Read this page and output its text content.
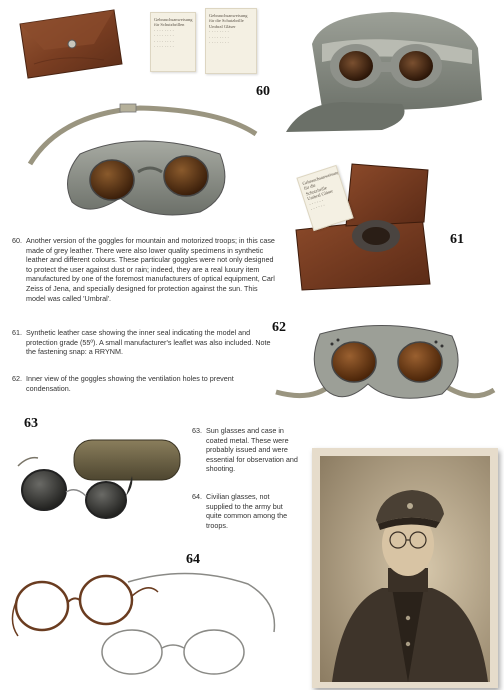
Gebrauchsanweisung
für Schutzbrillen
· · · · · · · ·
· · · · · · · ·
· · · · · · · ·
· · · · · · · ·
Gebrauchsanweisung
für die Schutzbrille
Umbral Gläser
· · · · · · · ·
· · · · · · · ·
· · · · · · · ·
60
Gebrauchsanweisung
für die Schutzbrille
Umbral Gläser
· · · · · ·
· · · · · ·
61
60. Another version of the goggles for mountain and motorized troops; in this case made of grey leather. There were also lower quality specimens in synthetic leather and different colours. These particular goggles were not only designed to protect the user against dust or rain; indeed, they are a real luxury item manufactured by one of the foremost manufacturers of optical equipment, Carl Zeiss of Jena, and specially designed for protection against the sun. This model was called 'Umbral'.
61. Synthetic leather case showing the inner seal indicating the model and protection grade (55º). A small manufacturer's leaflet was also included. Note the fastening snap: a RRYNM.
62
62. Inner view of the goggles showing the ventilation holes to prevent condensation.
63	63. Sun glasses and case in coated metal. These were probably issued and were essential for observation and shooting.
64. Civilian glasses, not supplied to the army but quite common among the troops.
64
